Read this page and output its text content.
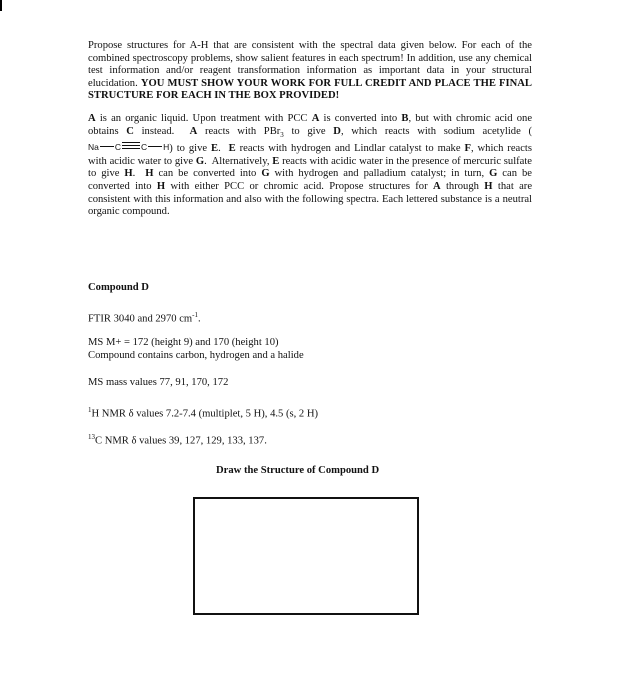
Propose structures for A-H that are consistent with the spectral data given below. For each of the combined spectroscopy problems, show salient features in each spectrum! In addition, use any chemical test information and/or reagent transformation information as important data in your structural elucidation. YOU MUST SHOW YOUR WORK FOR FULL CREDIT AND PLACE THE FINAL STRUCTURE FOR EACH IN THE BOX PROVIDED!

A is an organic liquid. Upon treatment with PCC A is converted into B, but with chromic acid one obtains C instead. A reacts with PBr$_3$ to give D, which reacts with sodium acetylide (Na C C H) to give E.  E reacts with hydrogen and Lindlar catalyst to make F, which reacts with acidic water to give G.  Alternatively, E reacts with acidic water in the presence of mercuric sulfate to give H.  H can be converted into G with hydrogen and palladium catalyst; in turn, G can be converted into H with either PCC or chromic acid. Propose structures for A through H that are consistent with this information and also with the following spectra. Each lettered substance is a neutral organic compound.

Compound D
FTIR 3040 and 2970 $cm^{-1}$.
MS M+ = 172 (height 9) and 170 (height 10)
Compound contains carbon, hydrogen and a halide
MS mass values 77, 91, 170, 172
$^1$H NMR δ values 7.2-7.4 (multiplet, 5 H), 4.5 (s, 2 H)
$^{13}$C NMR δ values 39, 127, 129, 133, 137.
Draw the Structure of Compound D
